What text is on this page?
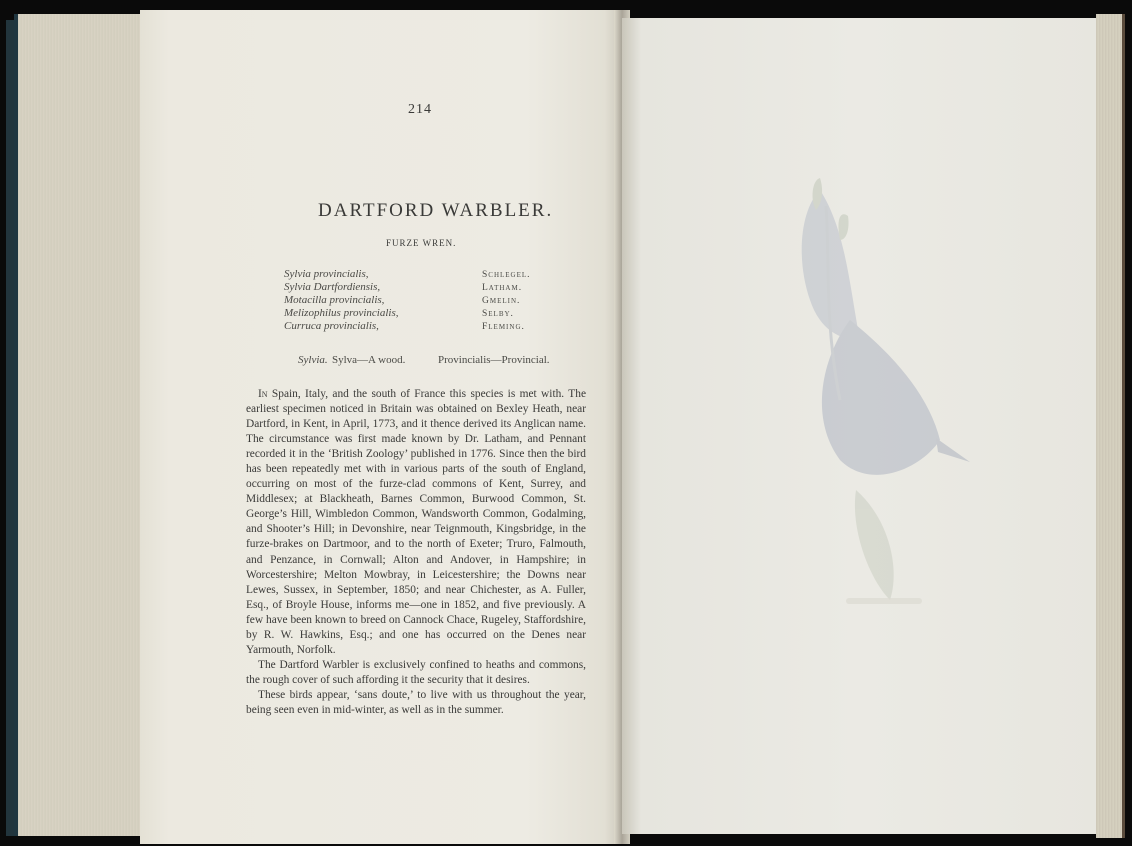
214
DARTFORD WARBLER.
FURZE WREN.
Sylvia provincialis,	Schlegel.
Sylvia Dartfordiensis,	Latham.
Motacilla provincialis,	Gmelin.
Melizophilus provincialis,	Selby.
Curruca provincialis,	Fleming.
Sylvia. Sylva—A wood.	Provincialis—Provincial.

In Spain, Italy, and the south of France this species is met with. The earliest specimen noticed in Britain was obtained on Bexley Heath, near Dartford, in Kent, in April, 1773, and it thence derived its Anglican name. The circumstance was first made known by Dr. Latham, and Pennant recorded it in the ‘British Zoology’ published in 1776. Since then the bird has been repeatedly met with in various parts of the south of England, occurring on most of the furze-clad commons of Kent, Surrey, and Middlesex; at Blackheath, Barnes Common, Burwood Common, St. George’s Hill, Wimbledon Common, Wandsworth Common, Godalming, and Shooter’s Hill; in Devonshire, near Teignmouth, Kingsbridge, in the furze-brakes on Dartmoor, and to the north of Exeter; Truro, Falmouth, and Penzance, in Cornwall; Alton and Andover, in Hampshire; in Worcestershire; Melton Mowbray, in Leicestershire; the Downs near Lewes, Sussex, in September, 1850; and near Chichester, as A. Fuller, Esq., of Broyle House, informs me—one in 1852, and five previously. A few have been known to breed on Cannock Chace, Rugeley, Staffordshire, by R. W. Hawkins, Esq.; and one has occurred on the Denes near Yarmouth, Norfolk.

The Dartford Warbler is exclusively confined to heaths and commons, the rough cover of such affording it the security that it desires.

These birds appear, ‘sans doute,’ to live with us throughout the year, being seen even in mid-winter, as well as in the summer.
